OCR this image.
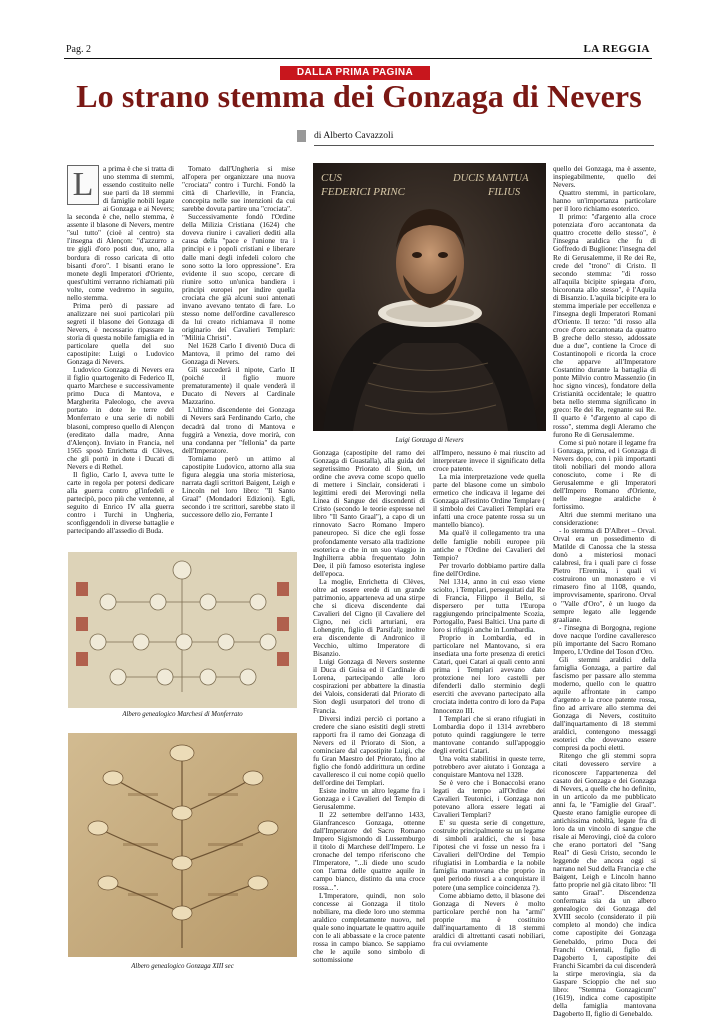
Pag. 2	LA REGGIA
DALLA PRIMA PAGINA
Lo strano stemma dei Gonzaga di Nevers
di Alberto Cavazzoli
L	a prima è che si tratta di uno stemma di stemmi, essendo costituito nelle sue parti da 18 stemmi di famiglie nobili legate ai Gonzaga e ai Nevers; la seconda è che, nello stemma, è assente il blasone di Nevers, mentre "sul tutto" (cioè al centro) sta l'insegna di Alençon: "d'azzurro a tre gigli d'oro posti due, uno, alla bordura di rosso caricata di otto bisanti d'oro". I bisanti erano le monete degli Imperatori d'Oriente, quest'ultimi verranno richiamati più volte, come vedremo in seguito, nello stemma.

Prima però di passare ad analizzare nei suoi particolari più segreti il blasone dei Gonzaga di Nevers, è necessario ripassare la storia di questa nobile famiglia ed in particolare quella del suo capostipite: Luigi o Ludovico Gonzaga di Nevers.

Ludovico Gonzaga di Nevers era il figlio quartogenito di Federico II, quarto Marchese e successivamente primo Duca di Mantova, e Margherita Paleologo, che aveva portato in dote le terre del Monferrato e una serie di nobili blasoni, compreso quello di Alençon (ereditato dalla madre, Anna d'Alençon). Inviato in Francia, nel 1565 sposò Enrichetta di Clèves, che gli portò in dote i Ducati di Nevers e di Rethel.

Il figlio, Carlo I, aveva tutte le carte in regola per potersi dedicare alla guerra contro gl'infedeli e partecipò, poco più che ventenne, al seguito di Enrico IV alla guerra contro i Turchi in Ungheria, sconfiggendoli in diverse battaglie e partecipando all'assedio di Buda.

Tornato dall'Ungheria si mise all'opera per organizzare una nuova "crociata" contro i Turchi. Fondò la città di Charleville, in Francia, concepita nelle sue intenzioni da cui sarebbe dovuta partire una "crociata".

Successivamente fondò l'Ordine della Milizia Cristiana (1624) che doveva riunire i cavalieri dediti alla causa della "pace e l'unione tra i principi e i popoli cristiani e liberare dalle mani degli infedeli coloro che sono sotto la loro oppressione". Era evidente il suo scopo, cercare di riunire sotto un'unica bandiera i principi europei per indire quella crociata che già alcuni suoi antenati invano avevano tentato di fare. Lo stesso nome dell'ordine cavalleresco da lui creato richiamava il nome originario dei Cavalieri Templari: "Militia Christi".

Nel 1628 Carlo I diventò Duca di Mantova, il primo del ramo dei Gonzaga di Nevers.

Gli succederà il nipote, Carlo II (poiché il figlio muore prematuramente) il quale venderà il Ducato di Nevers al Cardinale Mazzarino.

L'ultimo discendente dei Gonzaga di Nevers sarà Ferdinando Carlo, che decadrà dal trono di Mantova e fuggirà a Venezia, dove morirà, con una condanna per "fellonia" da parte dell'Imperatore.

Torniamo però un attimo al capostipite Ludovico, attorno alla sua figura aleggia una storia misteriosa, narrata dagli scrittori Baigent, Leigh e Lincoln nel loro libro: "Il Santo Graal" (Mondadori Edizioni). Egli, secondo i tre scrittori, sarebbe stato il successore dello zio, Ferrante I

CUS FEDERICI PRINC
DUCIS MANTUA FILIUS
Luigi Gonzaga di Nevers

Gonzaga (capostipite del ramo dei Gonzaga di Guastalla), alla guida del segretissimo Priorato di Sion, un ordine che aveva come scopo quello di mettere i Sinclair, considerati i legittimi eredi dei Merovingi nella Linea di Sangue dei discendenti di Cristo (secondo le teorie espresse nel libro "Il Santo Graal"), a capo di un rinnovato Sacro Romano Impero paneuropeo. Si dice che egli fosse profondamente versato alla tradizione esoterica e che in un suo viaggio in Inghilterra abbia frequentato John Dee, il più famoso esoterista inglese dell'epoca.

La moglie, Enrichetta di Clèves, oltre ad essere erede di un grande patrimonio, apparteneva ad una stirpe che si diceva discendente dai Cavalieri del Cigno (il Cavaliere del Cigno, nei cicli arturiani, era Lohengrin, figlio di Parsifal); inoltre era discendente di Andronico il Vecchio, ultimo Imperatore di Bisanzio.

Luigi Gonzaga di Nevers sostenne il Duca di Guisa ed il Cardinale di Lorena, partecipando alle loro cospirazioni per abbattere la dinastia dei Valois, considerati dal Priorato di Sion degli usurpatori del trono di Francia.

Diversi indizi perciò ci portano a credere che siano esistiti degli stretti rapporti fra il ramo dei Gonzaga di Nevers ed il Priorato di Sion, a cominciare dal capostipite Luigi, che fu Gran Maestro del Priorato, fino al figlio che fondò addirittura un ordine cavalleresco il cui nome copiò quello dell'ordine dei Templari.

Esiste inoltre un altro legame fra i Gonzaga e i Cavalieri del Tempio di Gerusalemme.

Il 22 settembre dell'anno 1433, Gianfrancesco Gonzaga, ottenne dall'Imperatore del Sacro Romano Impero Sigismondo di Lussemburgo il titolo di Marchese dell'Impero. Le cronache del tempo riferiscono che l'Imperatore, "...li diede uno scudo con l'arma delle quattre aquile in campo bianco, distinto da una croce rossa...".

L'Imperatore, quindi, non solo concesse ai Gonzaga il titolo nobiliare, ma diede loro uno stemma araldico completamente nuovo, nel quale sono inquartate le quattro aquile con le ali abbassate e la croce patente rossa in campo bianco. Se sappiamo che le aquile sono simbolo di sottomissione

all'Impero, nessuno è mai riuscito ad interpretare invece il significato della croce patente.

La mia interpretazione vede quella parte del blasone come un simbolo ermetico che indicava il legame dei Gonzaga all'estinto Ordine Templare ( il simbolo dei Cavalieri Templari era infatti una croce patente rossa su un mantello bianco).

Ma qual'è il collegamento tra una delle famiglie nobili europee più antiche e l'Ordine dei Cavalieri del Tempio?

Per trovarlo dobbiamo partire dalla fine dell'Ordine.

Nel 1314, anno in cui esso viene sciolto, i Templari, perseguitati dal Re di Francia, Filippo il Bello, si dispersero per tutta l'Europa raggiungendo principalmente Scozia, Portogallo, Paesi Baltici. Una parte di loro si rifugiò anche in Lombardia.

Proprio in Lombardia, ed in particolare nel Mantovano, si era insediata una forte presenza di eretici Catari, quei Catari ai quali cento anni prima i Templari avevano dato protezione nei loro castelli per difenderli dallo sterminio degli eserciti che avevano partecipato alla crociata indetta contro di loro da Papa Innocenzo III.

I Templari che si erano rifugiati in Lombardia dopo il 1314 avrebbero potuto quindi raggiungere le terre mantovane contando sull'appoggio degli eretici Catari.

Una volta stabilitisi in queste terre, potrebbero aver aiutato i Gonzaga a conquistare Mantova nel 1328.

Se è vero che i Bonaccolsi erano legati da tempo all'Ordine dei Cavalieri Teutonici, i Gonzaga non potevano allora essere legati ai Cavalieri Templari?

E' su questa serie di congetture, costruite principalmente su un legame di simboli araldici, che si basa l'ipotesi che vi fosse un nesso fra i Cavalieri dell'Ordine del Tempio rifugiatisi in Lombardia e la nobile famiglia mantovana che proprio in quel periodo riuscì a a conquistare il potere (una semplice coincidenza ?).

Come abbiamo detto, il blasone dei Gonzaga di Nevers è molto particolare perché non ha "armi" proprie ma è costituito dall'inquartamento di 18 stemmi araldici di altrettanti casati nobiliari, fra cui ovviamente

quello dei Gonzaga, ma è assente, inspiegabilmente, quello dei Nevers.

Quattro stemmi, in particolare, hanno un'importanza particolare per il loro richiamo esoterico.

Il primo: "d'argento alla croce potenziata d'oro accantonata da quattro crocette dello stesso", è l'insegna araldica che fu di Goffredo di Buglione: l'insegna del Re di Gerusalemme, il Re dei Re, crede del "trono" di Cristo. Il secondo stemma: "di rosso all'aquila bicipite spiegata d'oro, bicoronata allo stesso", è l'Aquila di Bisanzio. L'aquila bicipite era lo stemma imperiale per eccellenza e l'insegna degli Imperatori Romani d'Oriente. Il terzo: "di rosso alla croce d'oro accantonata da quattro B greche dello stesso, addossate due a due", contiene la Croce di Costantinopoli e ricorda la croce che apparve all'Imperatore Costantino durante la battaglia di ponte Milvio contro Massenzio (in hoc signo vinces), fondatore della Cristianità occidentale; le quattro beta nello stemma significano in greco: Re dei Re, regnante sui Re. Il quarto è "d'argento al capo di rosso", stemma degli Aleramo che furono Re di Gerusalemme.

Come si può notare il legame fra i Gonzaga, prima, ed i Gonzaga di Nevers dopo, con i più importanti titoli nobiliari del mondo allora conosciuto, come i Re di Gerusalemme e gli Imperatori dell'Impero Romano d'Oriente, nelle insegne araldiche è fortissimo.

Altri due stemmi meritano una considerazione:

- lo stemma di D'Albret – Orval. Orval era un possedimento di Matilde di Canossa che la stessa donò a misteriosi monaci calabresi, fra i quali pare ci fosse Pietro l'Eremita, i quali vi costruirono un monastero e vi rimasero fino al 1108, quando, improvvisamente, sparirono. Orval o "Valle d'Oro", è un luogo da sempre legato alle leggende graaliane.

- l'insegna di Borgogna, regione dove nacque l'ordine cavalleresco più importante del Sacro Romano Impero, L'Ordine del Toson d'Oro.

Gli stemmi araldici della famiglia Gonzaga, a partire dal fascismo per passare allo stemma moderno, quello con le quattro aquile affrontate in campo d'argento e la croce patente rossa, fino ad arrivare allo stemma dei Gonzaga di Nevers, costituito dall'inquartamento di 18 stemmi araldici, contengono messaggi esoterici che dovevano essere compresi da pochi eletti.

Ritengo che gli stemmi sopra citati dovessero servire a riconoscere l'appartenenza del casato dei Gonzaga e dei Gonzaga di Nevers, a quelle che ho definito, in un articolo da me pubblicato anni fa, le "Famiglie del Graal". Queste erano famiglie europee di antichissima nobiltà, legate fra di loro da un vincolo di sangue che risale ai Merovingi, cioè da coloro che erano portatori del "Sang Real" di Gesù Cristo, secondo le leggende che ancora oggi si narrano nel Sud della Francia e che Baigent, Leigh e Lincoln hanno fatto proprie nel già citato libro: "Il santo Graal". Discendenza confermata sia da un albero genealogico dei Gonzaga del XVIII secolo (considerato il più completo al mondo) che indica come capostipite dei Gonzaga Genebaldo, primo Duca dei Franchi Orientali, figlio di Dagoberto I, capostipite dei Franchi Sicambri da cui discenderà la stirpe merovingia, sia da Gaspare Scioppio che nel suo libro: "Stemma Gonzagicum" (1619), indica come capostipite della famiglia mantovana Dagoberto II, figlio di Genebaldo.

Albero genealogico Marchesi di Monferrato
Albero genealogico Gonzaga XIII sec
